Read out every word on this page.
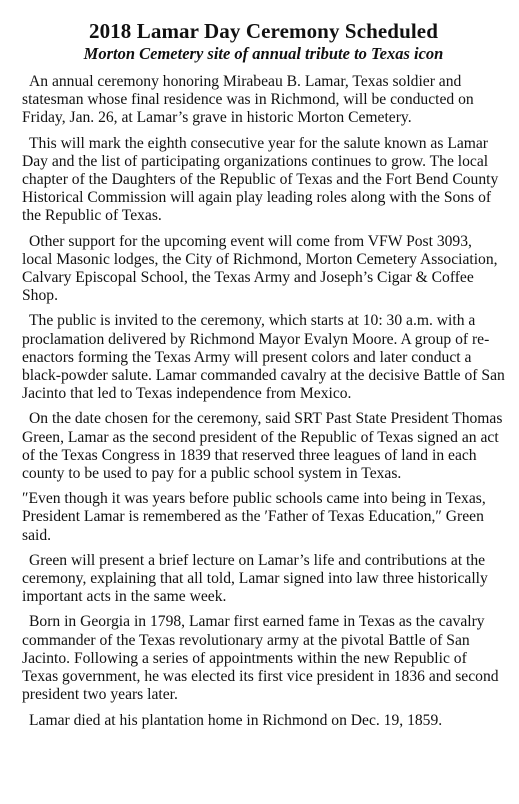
2018 Lamar Day Ceremony Scheduled
Morton Cemetery site of annual tribute to Texas icon

An annual ceremony honoring Mirabeau B. Lamar, Texas soldier and statesman whose final residence was in Richmond, will be conducted on Friday, Jan. 26, at Lamar’s grave in historic Morton Cemetery.

This will mark the eighth consecutive year for the salute known as Lamar Day and the list of participating organizations continues to grow. The local chapter of the Daughters of the Republic of Texas and the Fort Bend County Historical Commission will again play leading roles along with the Sons of the Republic of Texas.

Other support for the upcoming event will come from VFW Post 3093, local Masonic lodges, the City of Richmond, Morton Cemetery Association, Calvary Episcopal School, the Texas Army and Joseph’s Cigar & Coffee Shop.

The public is invited to the ceremony, which starts at 10: 30 a.m. with a proclamation delivered by Richmond Mayor Evalyn Moore. A group of re-enactors forming the Texas Army will present colors and later conduct a black-powder salute. Lamar commanded cavalry at the decisive Battle of San Jacinto that led to Texas independence from Mexico.

On the date chosen for the ceremony, said SRT Past State President Thomas Green, Lamar as the second president of the Republic of Texas signed an act of the Texas Congress in 1839 that reserved three leagues of land in each county to be used to pay for a public school system in Texas.

″Even though it was years before public schools came into being in Texas, President Lamar is remembered as the ′Father of Texas Education,″ Green said.

Green will present a brief lecture on Lamar’s life and contributions at the ceremony, explaining that all told, Lamar signed into law three historically important acts in the same week.

Born in Georgia in 1798, Lamar first earned fame in Texas as the cavalry commander of the Texas revolutionary army at the pivotal Battle of San Jacinto. Following a series of appointments within the new Republic of Texas government, he was elected its first vice president in 1836 and second president two years later.

Lamar died at his plantation home in Richmond on Dec. 19, 1859.
